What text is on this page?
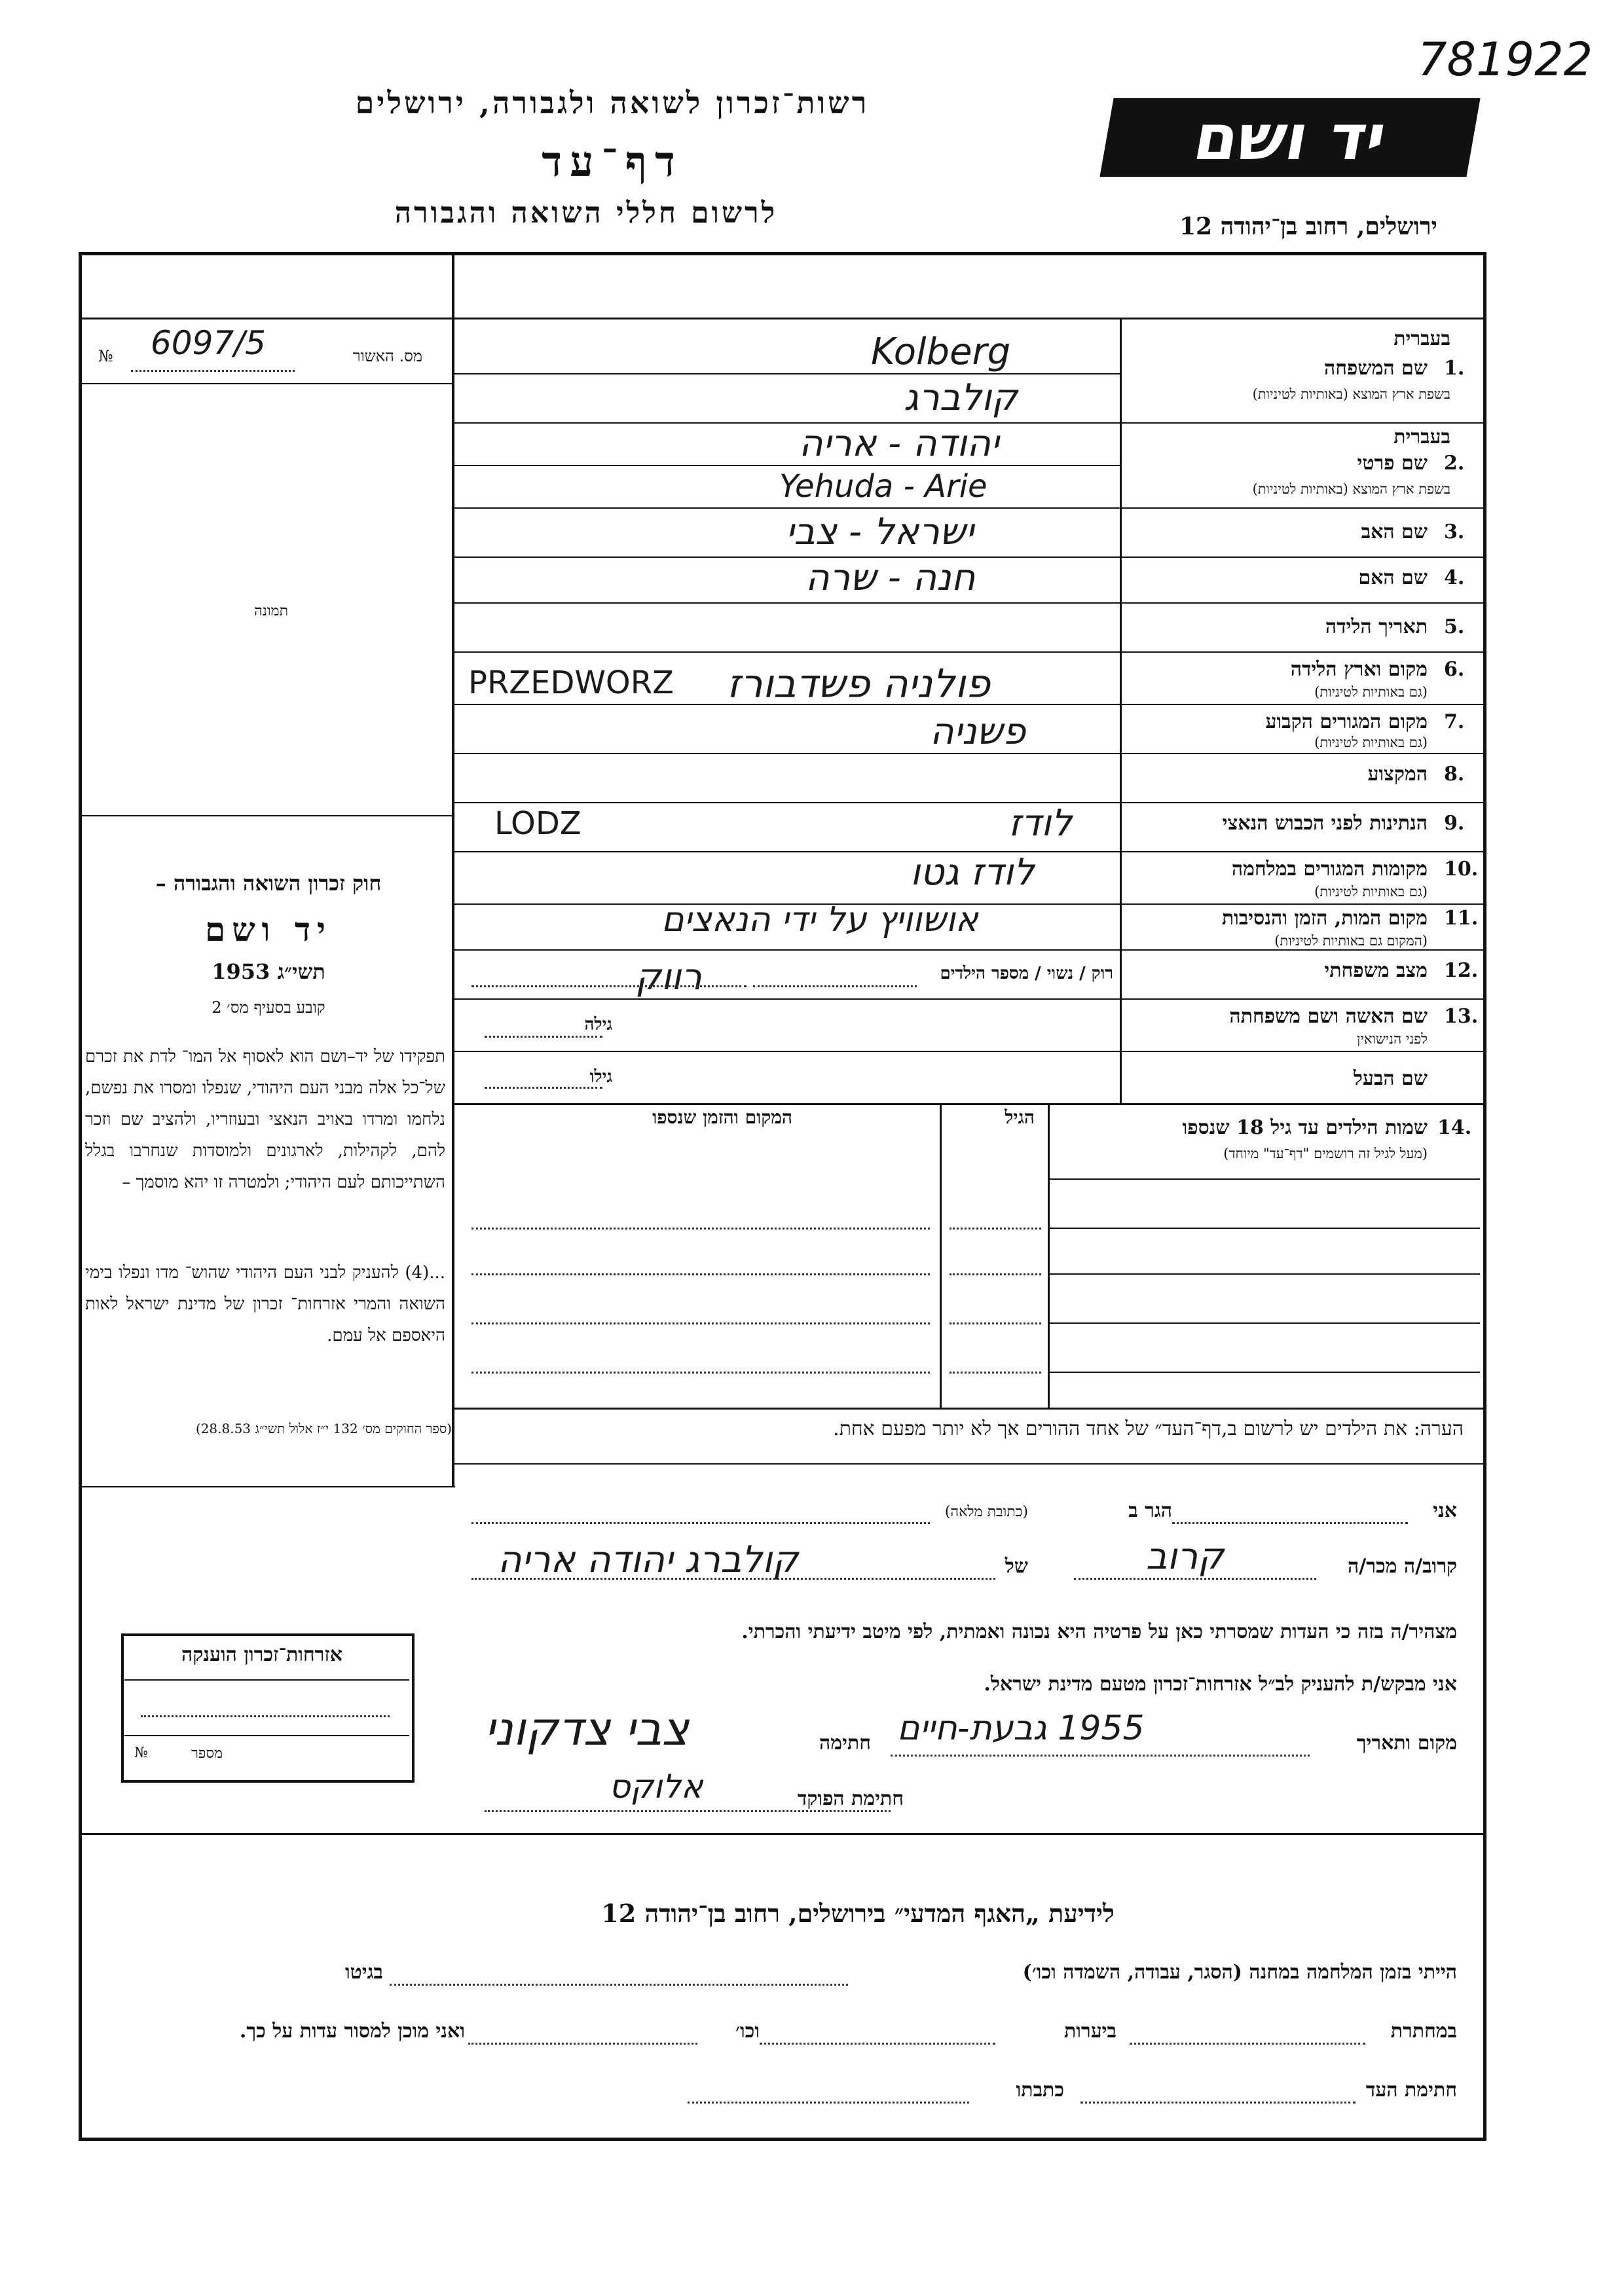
רשות־זכרון לשואה ולגבורה, ירושלים
דף־עד
לרשום חללי השואה והגבורה
יד ושם
781922
ירושלים, רחוב בן־יהודה 12
מס. האשור
№ 6097/5
תמונה
בעברית
1.
שם המשפחה
בשפת ארץ המוצא (באותיות לטיניות)
Kolberg
קולברג
בעברית
2.
שם פרטי
בשפת ארץ המוצא (באותיות לטיניות)
יהודה - אריה
Yehuda - Arie
3.
שם האב
ישראל - צבי
4.
שם האם
חנה - שרה
5.
תאריך הלידה
6.
מקום וארץ הלידה
(גם באותיות לטיניות)
PRZEDWORZ פולניה פשדבורז
7.
מקום המגורים הקבוע
(גם באותיות לטיניות)
פשניה
8.
המקצוע
9.
הנתינות לפני הכבוש הנאצי
LODZ	לודז
10.
מקומות המגורים במלחמה
(גם באותיות לטיניות)
לודז גטו
11.
מקום המות, הזמן והנסיבות
(המקום גם באותיות לטיניות)
אושוויץ על ידי הנאצים
12.
מצב משפחתי
רוק / נשוי / מספר הילדים
רווק
13.
שם האשה ושם משפחתה
לפני הנישואין
גילה
שם הבעל
גילו
14.
שמות הילדים עד גיל 18 שנספו
(מעל לגיל זה רושמים "דף־עד" מיוחד)
הגיל
המקום והזמן שנספו
חוק זכרון השואה והגבורה –
יד ושם
תשי״ג 1953
קובע בסעיף מס׳ 2
תפקידו של יד–ושם הוא לאסוף אל המו־ לדת את זכרם של־כל אלה מבני העם היהודי, שנפלו ומסרו את נפשם, נלחמו ומרדו באויב הנאצי ובעוזריו, ולהציב שם וזכר להם, לקהילות, לארגונים ולמוסדות שנחרבו בגלל השתייכותם לעם היהודי; ולמטרה זו יהא מוסמך –
...(4) להעניק לבני העם היהודי שהוש־ מדו ונפלו בימי השואה והמרי אזרחות־ זכרון של מדינת ישראל לאות היאספם אל עמם.
(ספר החוקים מס׳ 132 י״ז אלול תשי״ג 28.8.53)	הערה: את הילדים יש לרשום ב,דף־העד״ של אחד ההורים אך לא יותר מפעם אחת.
אני
הגר ב
(כתובת מלאה)
קרוב/ה מכר/ה
קרוב
של
קולברג יהודה אריה
מצהיר/ה בזה כי העדות שמסרתי כאן על פרטיה היא נכונה ואמתית, לפי מיטב ידיעתי והכרתי.
אני מבקש/ת להעניק לב״ל אזרחות־זכרון מטעם מדינת ישראל.
מקום ותאריך
1955 גבעת-חיים
חתימה
צבי צדקוני
חתימת הפוקד
אלוקס
אזרחות־זכרון הוענקה
מספר
№
לידיעת „האגף המדעי״ בירושלים, רחוב בן־יהודה 12
הייתי בזמן המלחמה במחנה (הסגר, עבודה, השמדה וכו׳)
בגיטו
במחתרת
ביערות
וכו׳
ואני מוכן למסור עדות על כך.
חתימת העד
כתבתו
